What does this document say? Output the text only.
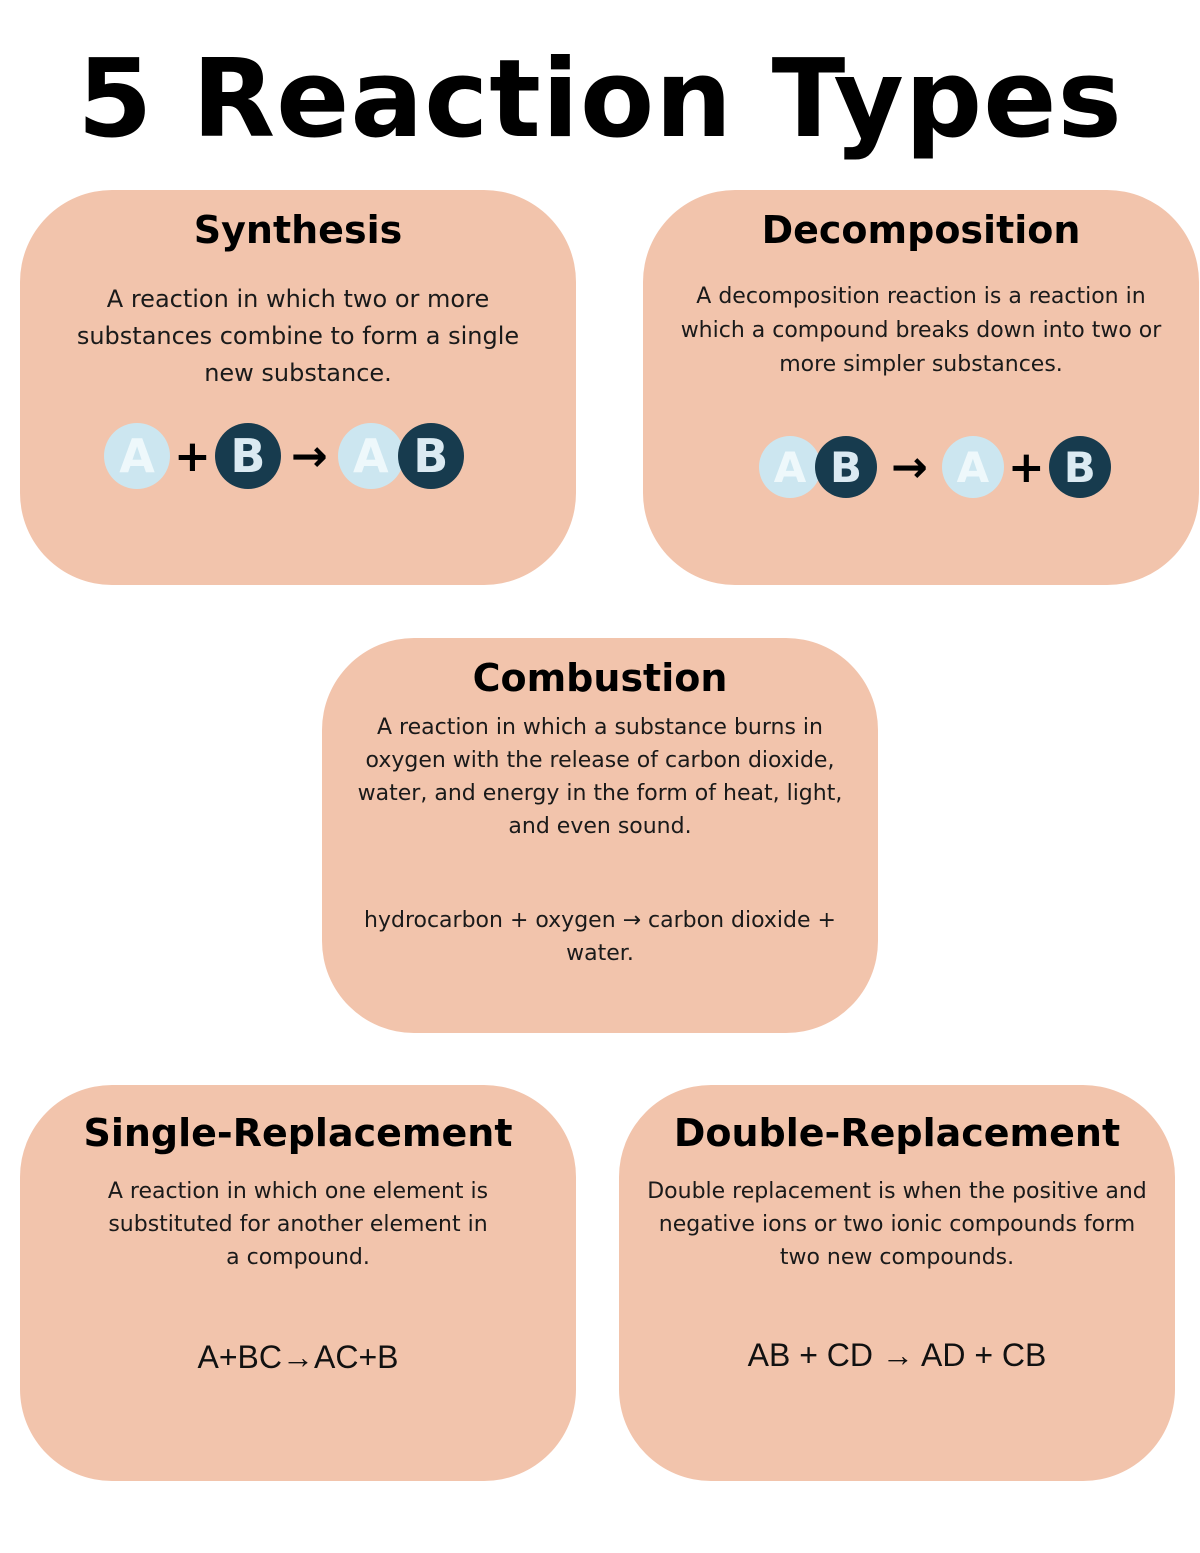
5 Reaction Types
Synthesis

A reaction in which two or more

substances combine to form a single

new substance.

A + B → A B
Decomposition

A decomposition reaction is a reaction in

which a compound breaks down into two or

more simpler substances.

A B → A + B
Combustion

A reaction in which a substance burns in

oxygen with the release of carbon dioxide,

water, and energy in the form of heat, light,

and even sound.

hydrocarbon + oxygen → carbon dioxide +

water.

Single-Replacement

A reaction in which one element is

substituted for another element in

a compound.

A+BC→AC+B
Double-Replacement

Double replacement is when the positive and

negative ions or two ionic compounds form

two new compounds.

AB + CD → AD + CB
